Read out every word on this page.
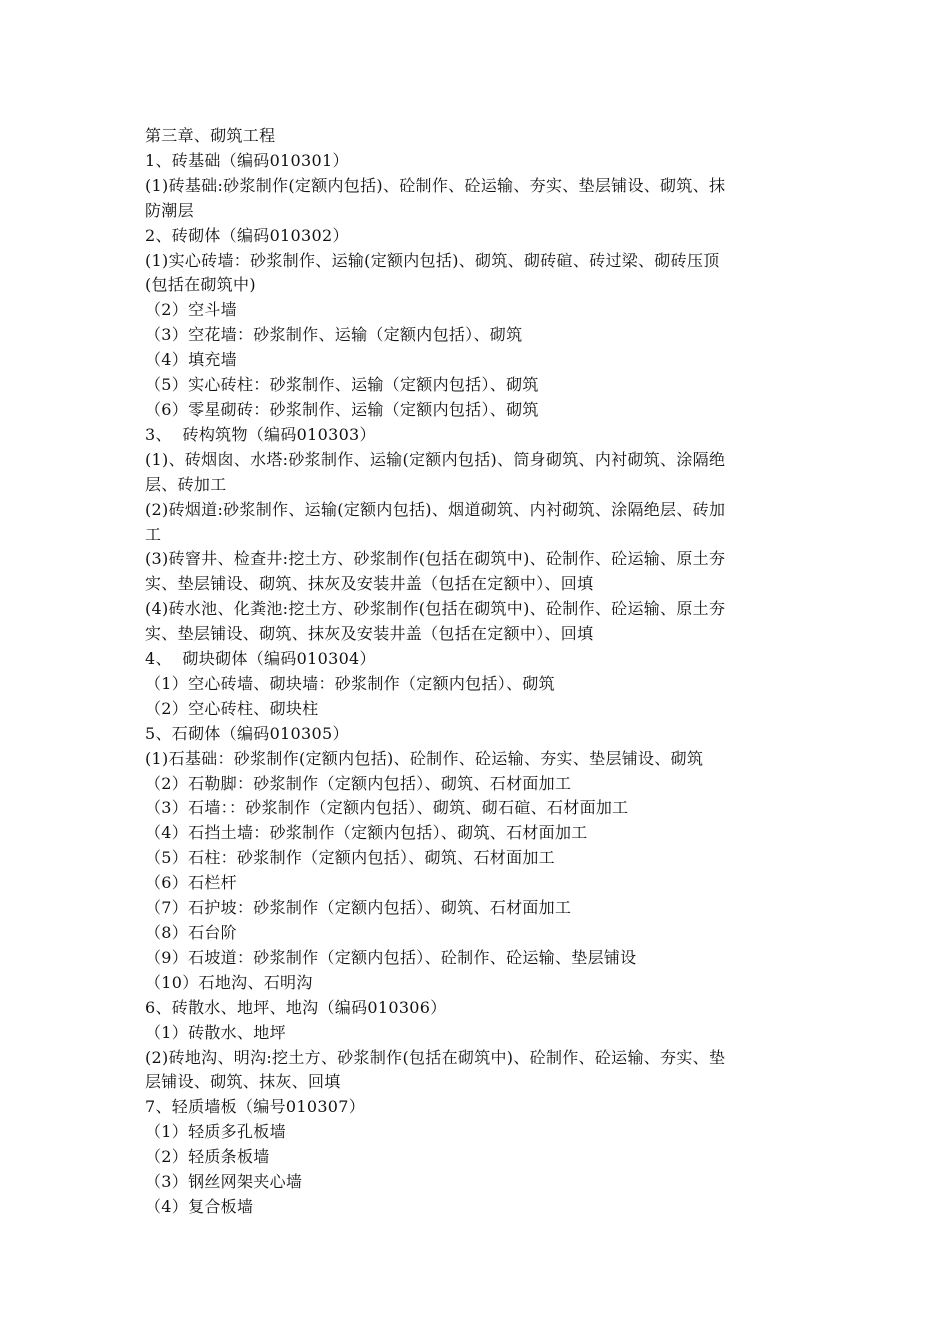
第三章、砌筑工程

1、砖基础（编码010301）

(1)砖基础:砂浆制作(定额内包括)、砼制作、砼运输、夯实、垫层铺设、砌筑、抹

防潮层

2、砖砌体（编码010302）

(1)实心砖墙：砂浆制作、运输(定额内包括)、砌筑、砌砖碹、砖过梁、砌砖压顶

(包括在砌筑中)

（2）空斗墙

（3）空花墙：砂浆制作、运输（定额内包括）、砌筑

（4）填充墙

（5）实心砖柱：砂浆制作、运输（定额内包括）、砌筑

（6）零星砌砖：砂浆制作、运输（定额内包括）、砌筑

3、  砖构筑物（编码010303）

(1)、砖烟囱、水塔:砂浆制作、运输(定额内包括)、筒身砌筑、内衬砌筑、涂隔绝

层、砖加工

(2)砖烟道:砂浆制作、运输(定额内包括)、烟道砌筑、内衬砌筑、涂隔绝层、砖加

工

(3)砖窨井、检查井:挖土方、砂浆制作(包括在砌筑中)、砼制作、砼运输、原土夯

实、垫层铺设、砌筑、抹灰及安装井盖（包括在定额中）、回填

(4)砖水池、化粪池:挖土方、砂浆制作(包括在砌筑中)、砼制作、砼运输、原土夯

实、垫层铺设、砌筑、抹灰及安装井盖（包括在定额中）、回填

4、  砌块砌体（编码010304）

（1）空心砖墙、砌块墙：砂浆制作（定额内包括）、砌筑

（2）空心砖柱、砌块柱

5、石砌体（编码010305）

(1)石基础：砂浆制作(定额内包括)、砼制作、砼运输、夯实、垫层铺设、砌筑

（2）石勒脚：砂浆制作（定额内包括）、砌筑、石材面加工

（3）石墙：：砂浆制作（定额内包括）、砌筑、砌石碹、石材面加工

（4）石挡土墙：砂浆制作（定额内包括）、砌筑、石材面加工

（5）石柱：砂浆制作（定额内包括）、砌筑、石材面加工

（6）石栏杆

（7）石护坡：砂浆制作（定额内包括）、砌筑、石材面加工

（8）石台阶

（9）石坡道：砂浆制作（定额内包括）、砼制作、砼运输、垫层铺设

（10）石地沟、石明沟

6、砖散水、地坪、地沟（编码010306）

（1）砖散水、地坪

(2)砖地沟、明沟:挖土方、砂浆制作(包括在砌筑中)、砼制作、砼运输、夯实、垫

层铺设、砌筑、抹灰、回填

7、轻质墙板（编号010307）

（1）轻质多孔板墙

（2）轻质条板墙

（3）钢丝网架夹心墙

（4）复合板墙
